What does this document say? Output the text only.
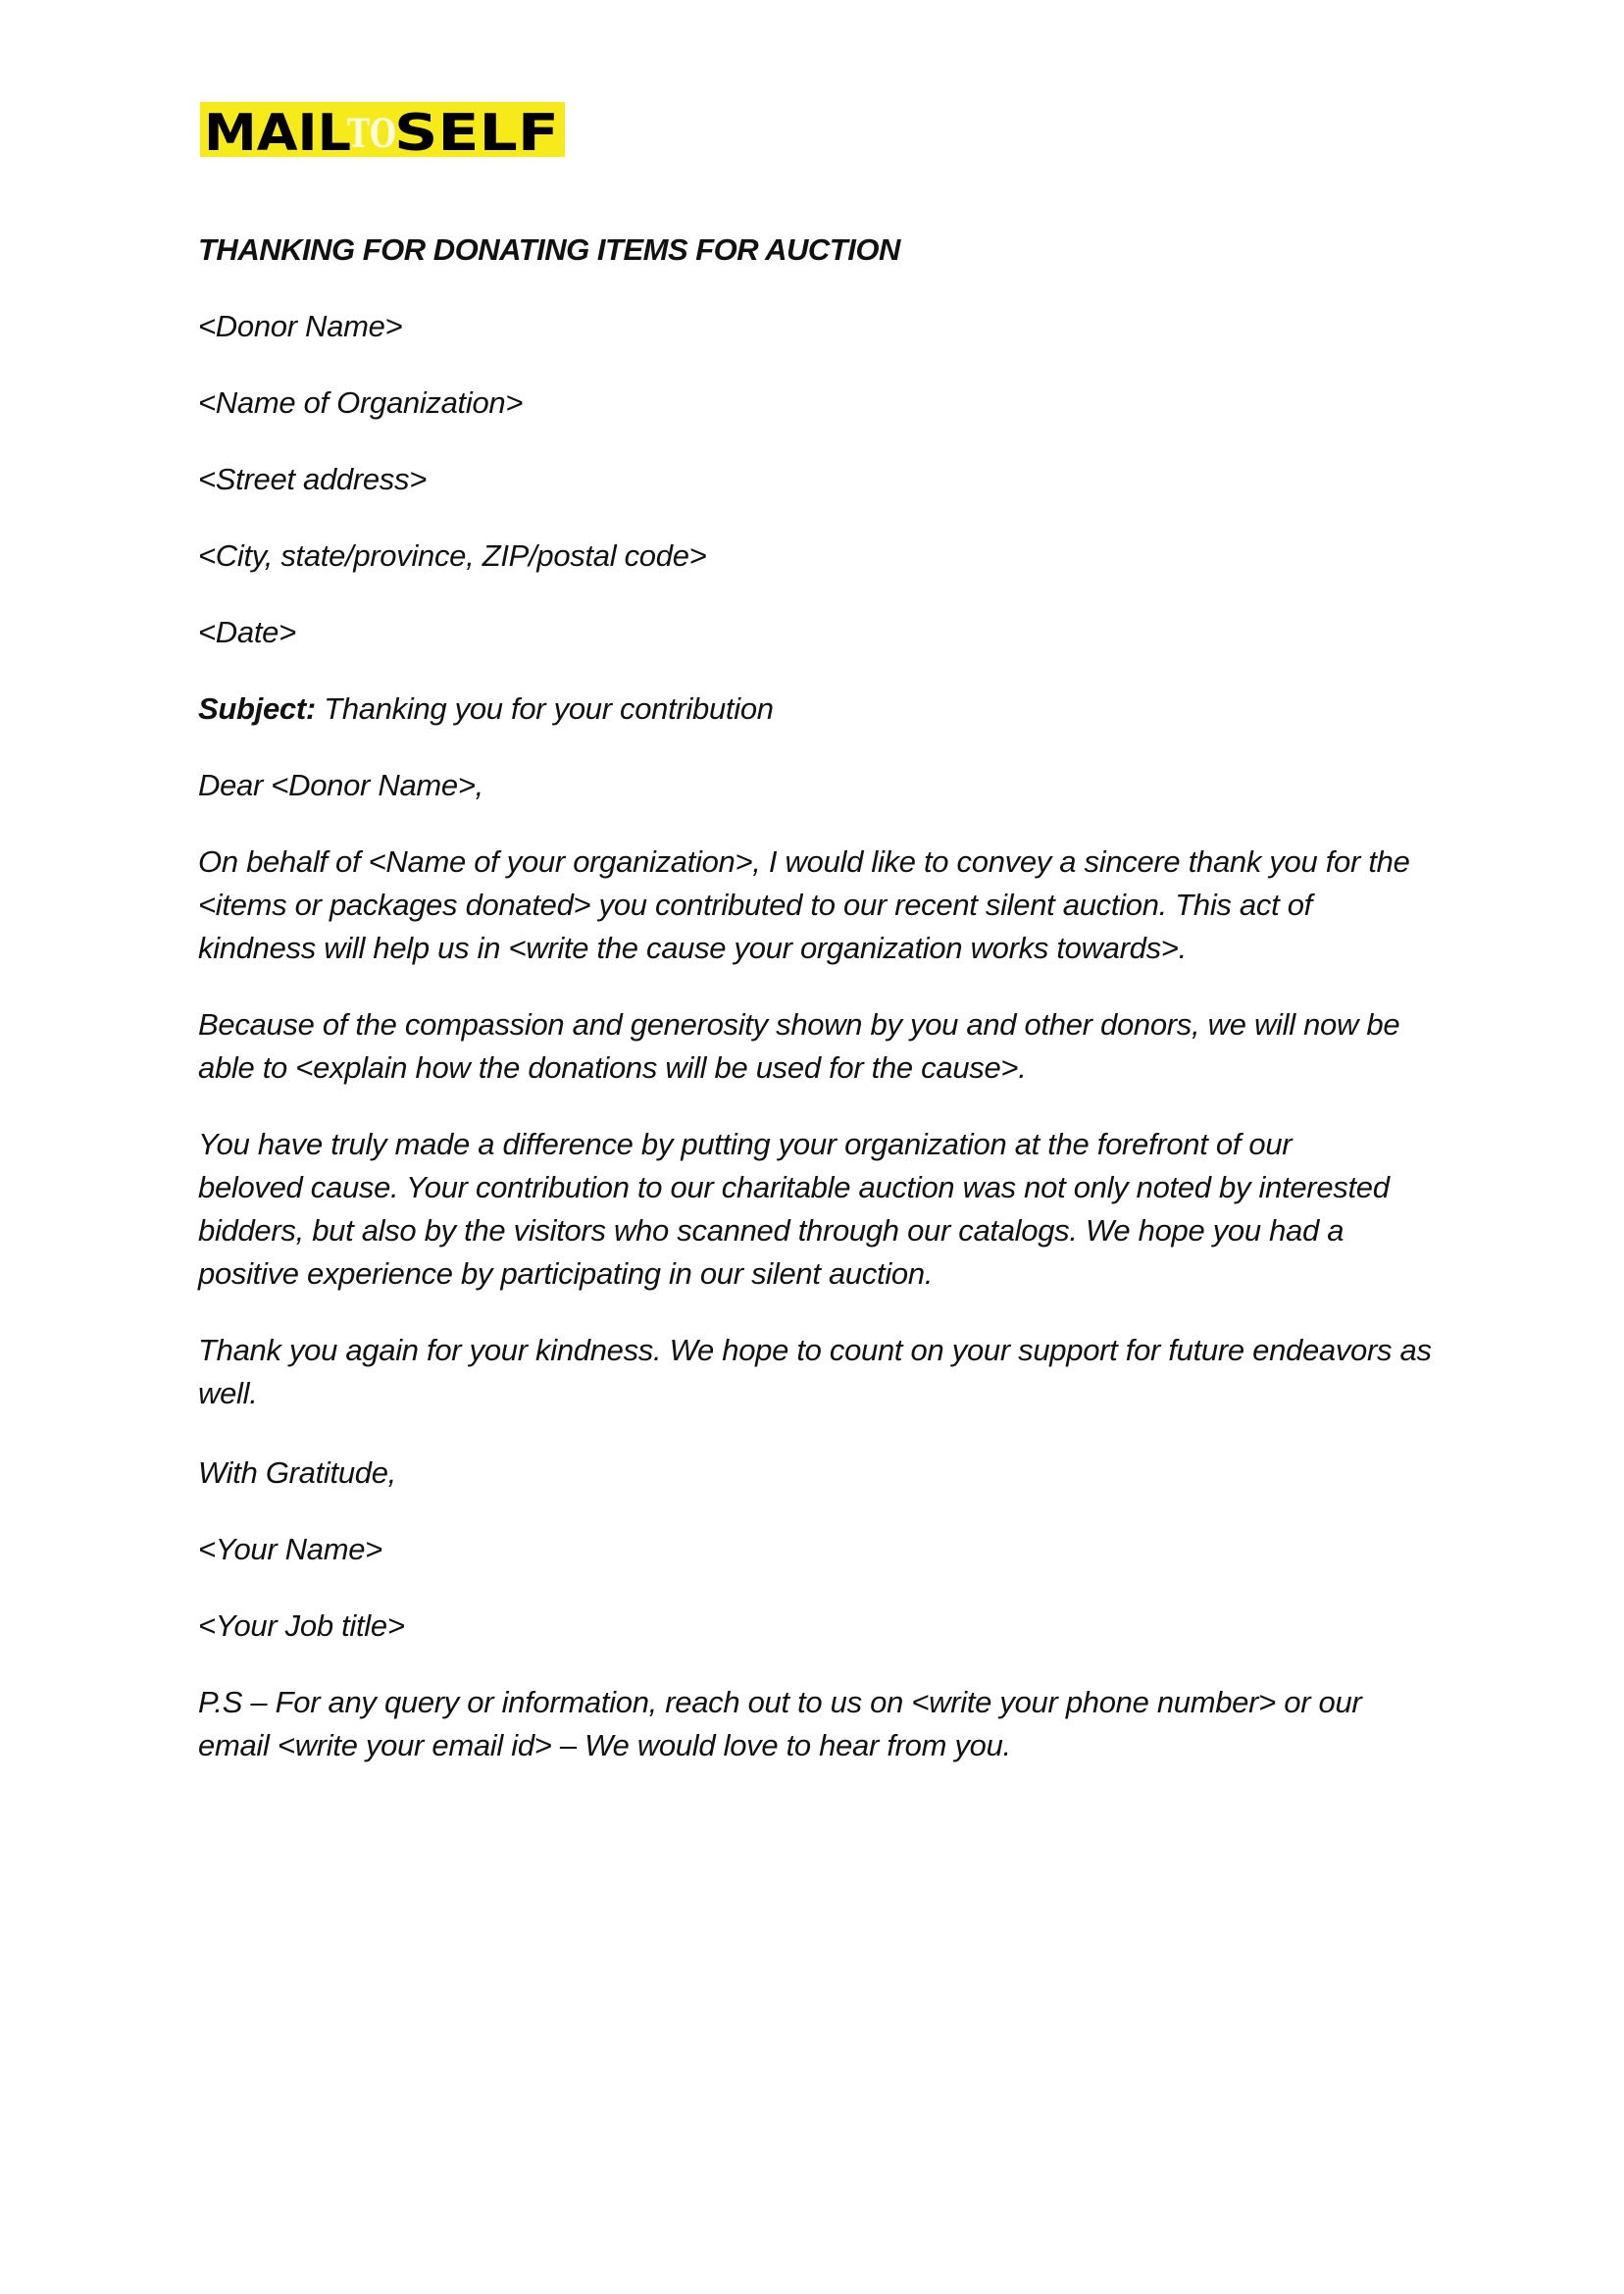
MAIL
TO
SELF

THANKING FOR DONATING ITEMS FOR AUCTION

<Donor Name>

<Name of Organization>

<Street address>

<City, state/province, ZIP/postal code>

<Date>

Subject: Thanking you for your contribution

Dear <Donor Name>,

On behalf of <Name of your organization>, I would like to convey a sincere thank you for the <items or packages donated> you contributed to our recent silent auction. This act of kindness will help us in <write the cause your organization works towards>.

Because of the compassion and generosity shown by you and other donors, we will now be able to <explain how the donations will be used for the cause>.

You have truly made a difference by putting your organization at the forefront of our beloved cause. Your contribution to our charitable auction was not only noted by interested bidders, but also by the visitors who scanned through our catalogs. We hope you had a positive experience by participating in our silent auction.

Thank you again for your kindness. We hope to count on your support for future endeavors as well.

With Gratitude,

<Your Name>

<Your Job title>

P.S – For any query or information, reach out to us on <write your phone number> or our email <write your email id> – We would love to hear from you.
